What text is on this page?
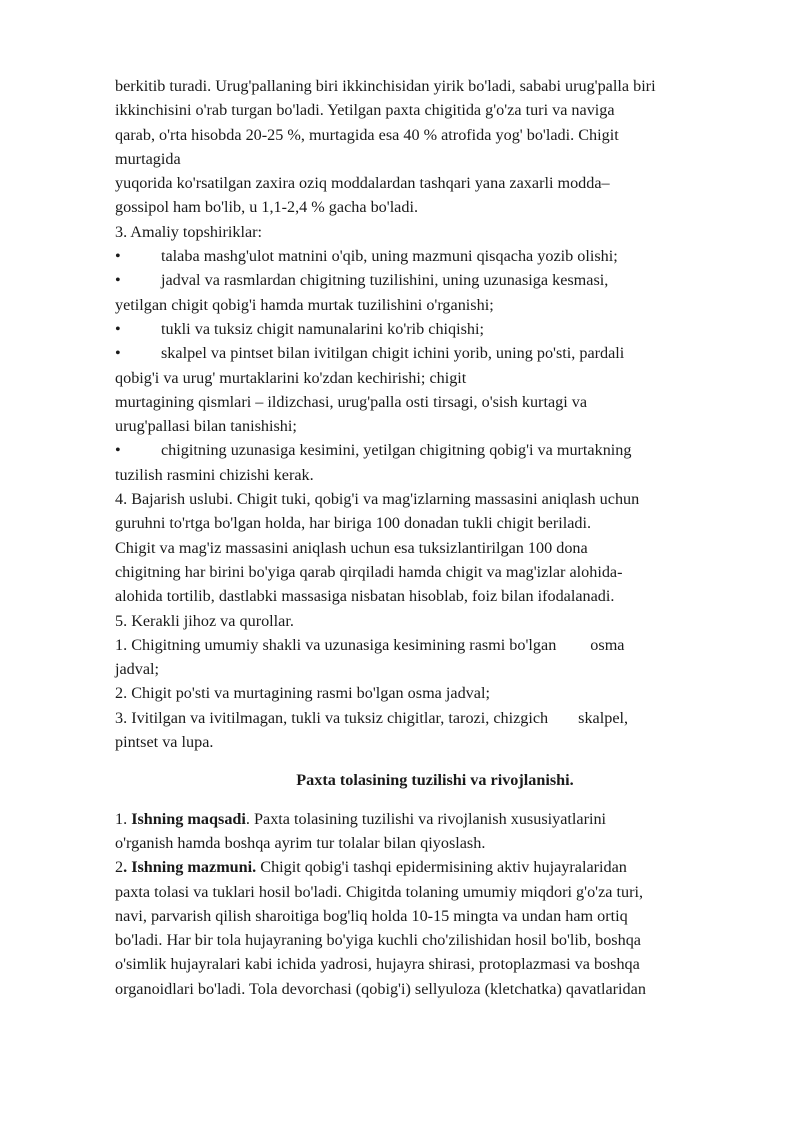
berkitib turadi. Urug'pallaning biri ikkinchisidan yirik bo'ladi, sababi urug'palla biri
ikkinchisini o'rab turgan bo'ladi. Yetilgan paxta chigitida g'o'za turi va naviga
qarab, o'rta hisobda 20-25 %, murtagida esa 40 % atrofida yog' bo'ladi. Chigit
murtagida
yuqorida ko'rsatilgan zaxira oziq moddalardan tashqari yana zaxarli modda–
gossipol ham bo'lib, u 1,1-2,4 % gacha bo'ladi.
3. Amaliy topshiriklar:
• talaba mashg'ulot matnini o'qib, uning mazmuni qisqacha yozib olishi;
• jadval va rasmlardan chigitning tuzilishini, uning uzunasiga kesmasi,
yetilgan chigit qobig'i hamda murtak tuzilishini o'rganishi;
• tukli va tuksiz chigit namunalarini ko'rib chiqishi;
• skalpel va pintset bilan ivitilgan chigit ichini yorib, uning po'sti, pardali
qobig'i va urug' murtaklarini ko'zdan kechirishi; chigit
murtagining qismlari – ildizchasi, urug'palla osti tirsagi, o'sish kurtagi va
urug'pallasi bilan tanishishi;
• chigitning uzunasiga kesimini, yetilgan chigitning qobig'i va murtakning
tuzilish rasmini chizishi kerak.
4. Bajarish uslubi. Chigit tuki, qobig'i va mag'izlarning massasini aniqlash uchun
guruhni to'rtga bo'lgan holda, har biriga 100 donadan tukli chigit beriladi.
Chigit va mag'iz massasini aniqlash uchun esa tuksizlantirilgan 100 dona
chigitning har birini bo'yiga qarab qirqiladi hamda chigit va mag'izlar alohida-
alohida tortilib, dastlabki massasiga nisbatan hisoblab, foiz bilan ifodalanadi.
5. Kerakli jihoz va qurollar.
1. Chigitning umumiy shakli va uzunasiga kesimining rasmi bo'lgan osma
jadval;
2. Chigit po'sti va murtagining rasmi bo'lgan osma jadval;
3. Ivitilgan va ivitilmagan, tukli va tuksiz chigitlar, tarozi, chizgich skalpel,
pintset va lupa.
Paxta tolasining tuzilishi va rivojlanishi.
1. Ishning maqsadi. Paxta tolasining tuzilishi va rivojlanish xususiyatlarini
o'rganish hamda boshqa ayrim tur tolalar bilan qiyoslash.
2. Ishning mazmuni. Chigit qobig'i tashqi epidermisining aktiv hujayralaridan
paxta tolasi va tuklari hosil bo'ladi. Chigitda tolaning umumiy miqdori g'o'za turi,
navi, parvarish qilish sharoitiga bog'liq holda 10-15 mingta va undan ham ortiq
bo'ladi. Har bir tola hujayraning bo'yiga kuchli cho'zilishidan hosil bo'lib, boshqa
o'simlik hujayralari kabi ichida yadrosi, hujayra shirasi, protoplazmasi va boshqa
organoidlari bo'ladi. Tola devorchasi (qobig'i) sellyuloza (kletchatka) qavatlaridan
